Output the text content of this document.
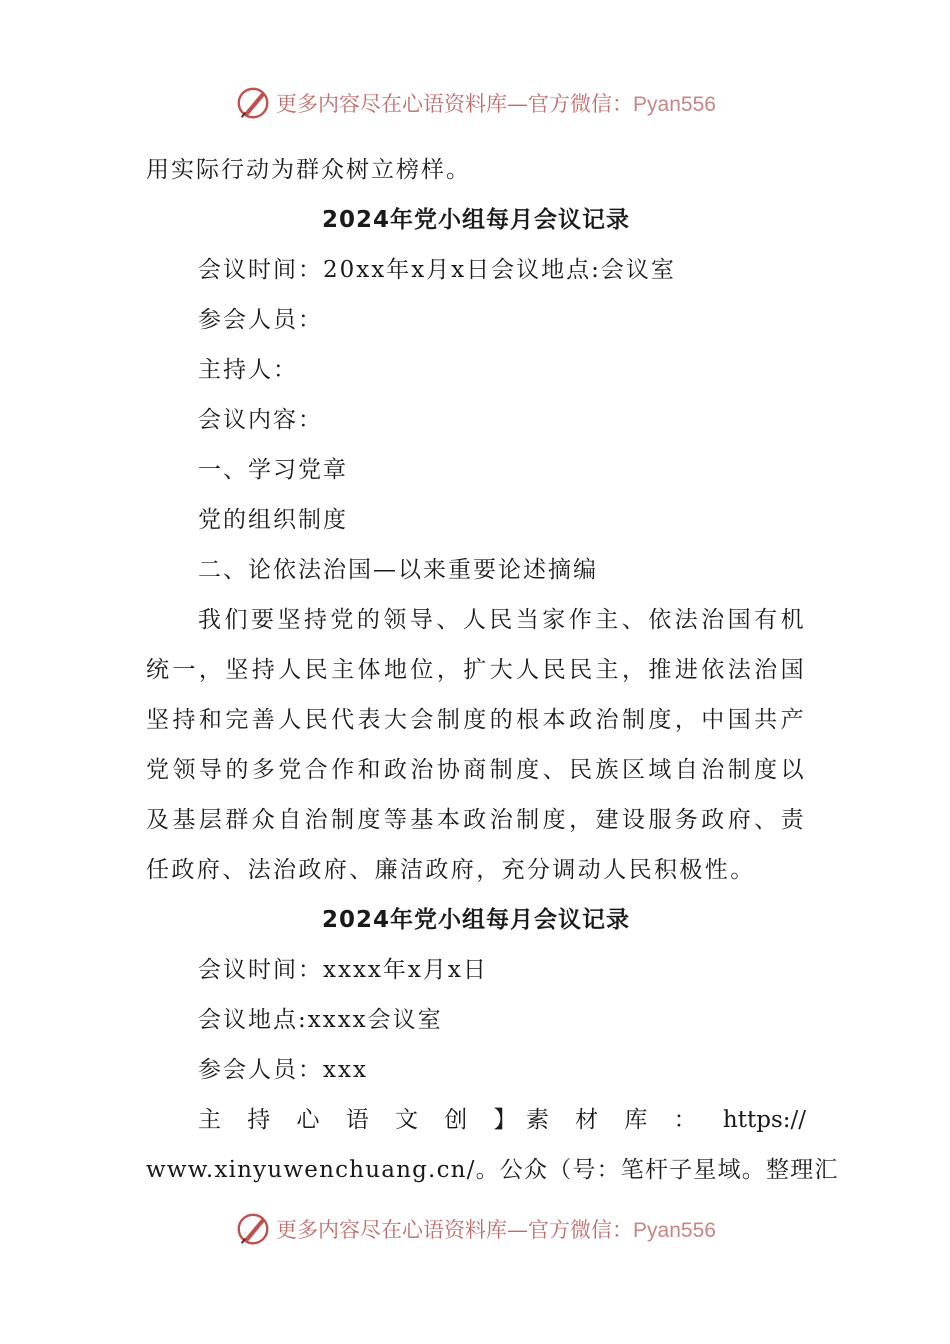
更多内容尽在心语资料库—官方微信：Pyan556
用实际行动为群众树立榜样。
2024年党小组每月会议记录
会议时间：20xx年x月x日会议地点:会议室
参会人员：
主持人：
会议内容：
一、学习党章
党的组织制度
二、论依法治国—以来重要论述摘编
我们要坚持党的领导、人民当家作主、依法治国有机统一，坚持人民主体地位，扩大人民民主，推进依法治国坚持和完善人民代表大会制度的根本政治制度，中国共产党领导的多党合作和政治协商制度、民族区域自治制度以及基层群众自治制度等基本政治制度，建设服务政府、责任政府、法治政府、廉洁政府，充分调动人民积极性。
2024年党小组每月会议记录
会议时间：xxxx年x月x日
会议地点:xxxx会议室
参会人员：xxx
主 持 心 语 文 创 】素 材 库 ： https://
www.xinyuwenchuang.cn/。公众（号：笔杆子星域。整理汇
更多内容尽在心语资料库—官方微信：Pyan556
